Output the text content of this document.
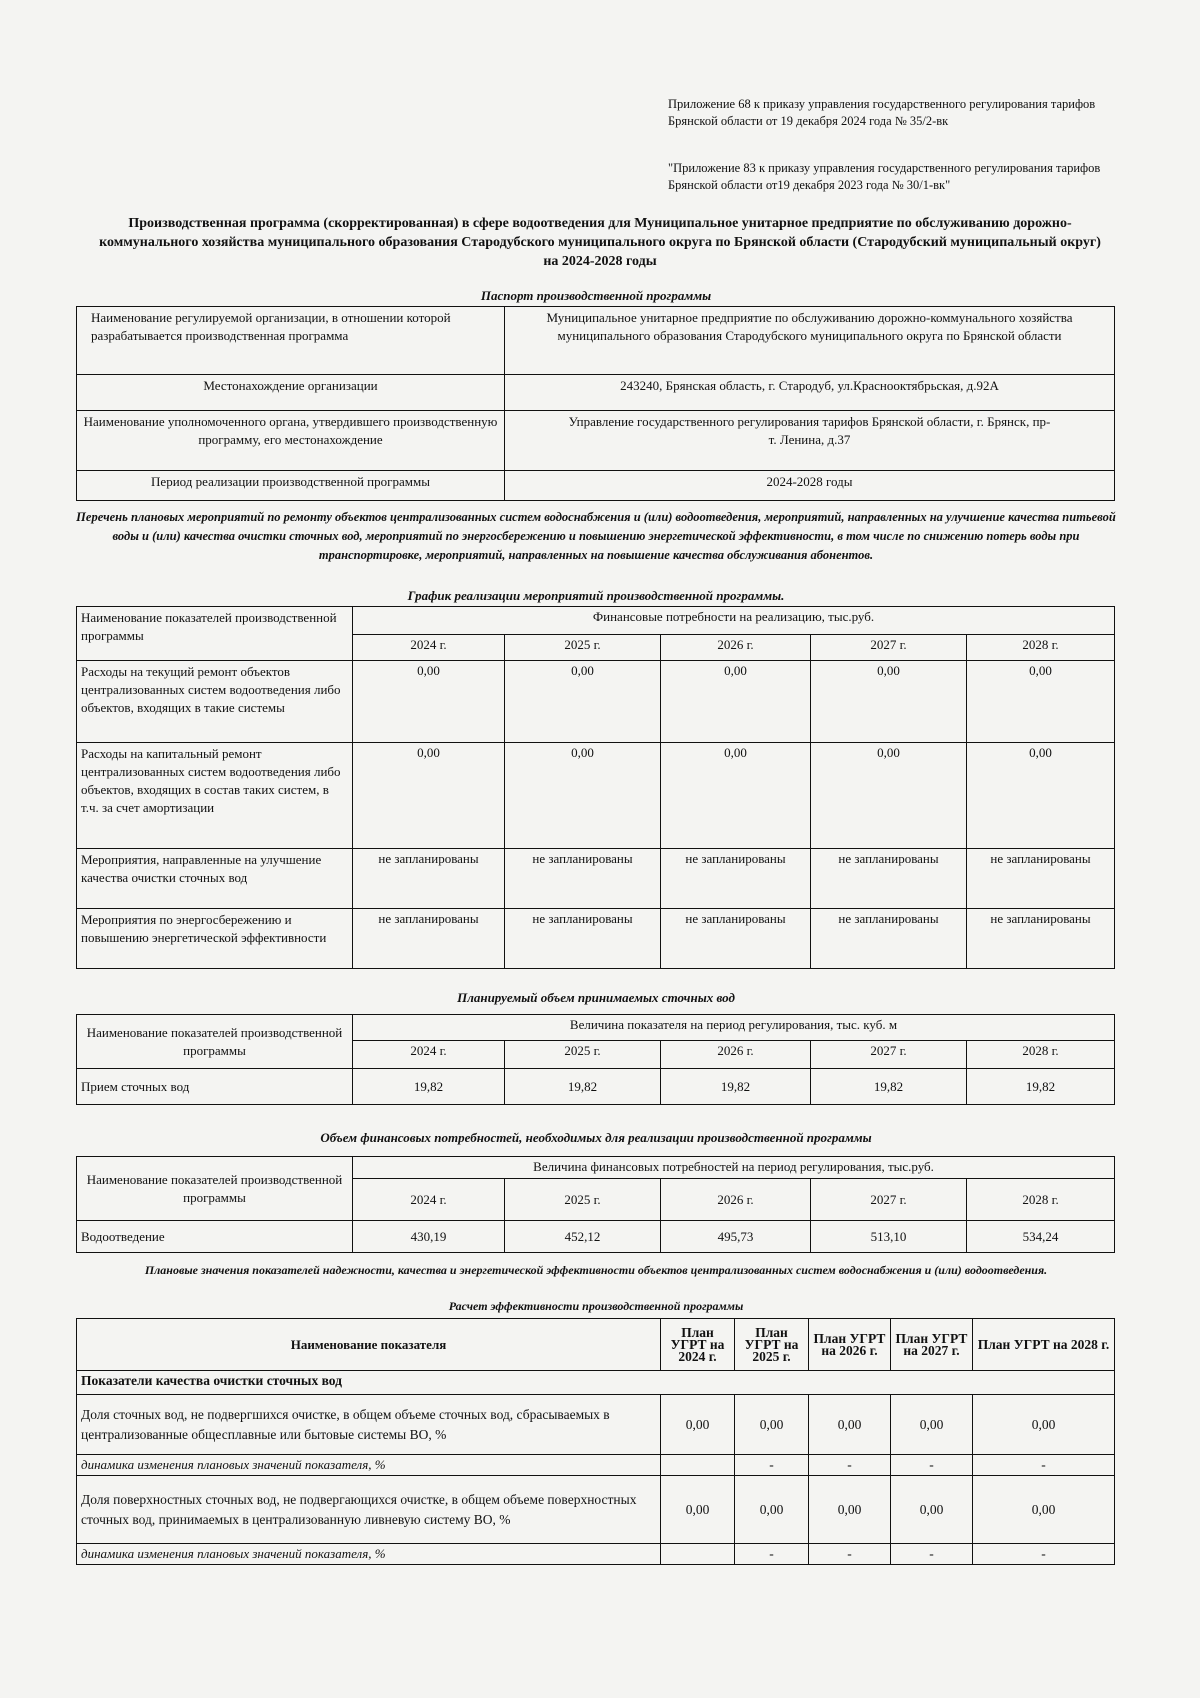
Приложение 68 к приказу управления государственного регулирования тарифов Брянской области от 19 декабря 2024 года № 35/2-вк
"Приложение 83 к приказу управления государственного регулирования тарифов Брянской области от19 декабря 2023 года № 30/1-вк"
Производственная программа (скорректированная) в сфере водоотведения для Муниципальное унитарное предприятие по обслуживанию дорожно-коммунального хозяйства муниципального образования Стародубского муниципального округа по Брянской области (Стародубский муниципальный округ) на 2024-2028 годы
Паспорт производственной программы
Наименование регулируемой организации, в отношении которой разрабатывается производственная программа	Муниципальное унитарное предприятие по обслуживанию дорожно-коммунального хозяйства муниципального образования Стародубского муниципального округа по Брянской области
Местонахождение организации	243240, Брянская область, г. Стародуб, ул.Краснооктябрьская, д.92А
Наименование уполномоченного органа, утвердившего производственную программу, его местонахождение	Управление государственного регулирования тарифов Брянской области, г. Брянск, пр-т. Ленина, д.37
Период реализации производственной программы	2024-2028 годы
Перечень плановых мероприятий по ремонту объектов централизованных систем водоснабжения и (или) водоотведения, мероприятий, направленных на улучшение качества питьевой воды и (или) качества очистки сточных вод, мероприятий по энергосбережению и повышению энергетической эффективности, в том числе по снижению потерь воды при транспортировке, мероприятий, направленных на повышение качества обслуживания абонентов.
График реализации мероприятий производственной программы.
Наименование показателей производственной программы	Финансовые потребности на реализацию, тыс.руб.				
	2024 г.	2025 г.	2026 г.	2027 г.	2028 г.
Расходы на текущий ремонт объектов централизованных систем водоотведения либо объектов, входящих в такие системы	0,00	0,00	0,00	0,00	0,00
Расходы на капитальный ремонт централизованных систем водоотведения либо объектов, входящих в состав таких систем, в т.ч. за счет амортизации	0,00	0,00	0,00	0,00	0,00
Мероприятия, направленные на улучшение качества очистки сточных вод	не запланированы	не запланированы	не запланированы	не запланированы	не запланированы
Мероприятия по энергосбережению и повышению энергетической эффективности	не запланированы	не запланированы	не запланированы	не запланированы	не запланированы
Планируемый объем принимаемых сточных вод
Наименование показателей производственной программы	Величина показателя на период регулирования, тыс. куб. м				
	2024 г.	2025 г.	2026 г.	2027 г.	2028 г.
Прием сточных вод	19,82	19,82	19,82	19,82	19,82
Объем финансовых потребностей, необходимых для реализации производственной программы
Наименование показателей производственной программы	Величина финансовых потребностей на период регулирования, тыс.руб.				
	2024 г.	2025 г.	2026 г.	2027 г.	2028 г.
Водоотведение	430,19	452,12	495,73	513,10	534,24
Плановые значения показателей надежности, качества и энергетической эффективности объектов централизованных систем водоснабжения и (или) водоотведения.
Расчет эффективности производственной программы
Наименование показателя	План УГРТ на 2024 г.	План УГРТ на 2025 г.	План УГРТ на 2026 г.	План УГРТ на 2027 г.	План УГРТ на 2028 г.
Показатели качества очистки сточных вод					
Доля сточных вод, не подвергшихся очистке, в общем объеме сточных вод, сбрасываемых в централизованные общесплавные или бытовые системы ВО, %	0,00	0,00	0,00	0,00	0,00
динамика изменения плановых значений показателя, %		-	-	-	-
Доля поверхностных сточных вод, не подвергающихся очистке, в общем объеме поверхностных сточных вод, принимаемых в централизованную ливневую систему ВО, %	0,00	0,00	0,00	0,00	0,00
динамика изменения плановых значений показателя, %		-	-	-	-
